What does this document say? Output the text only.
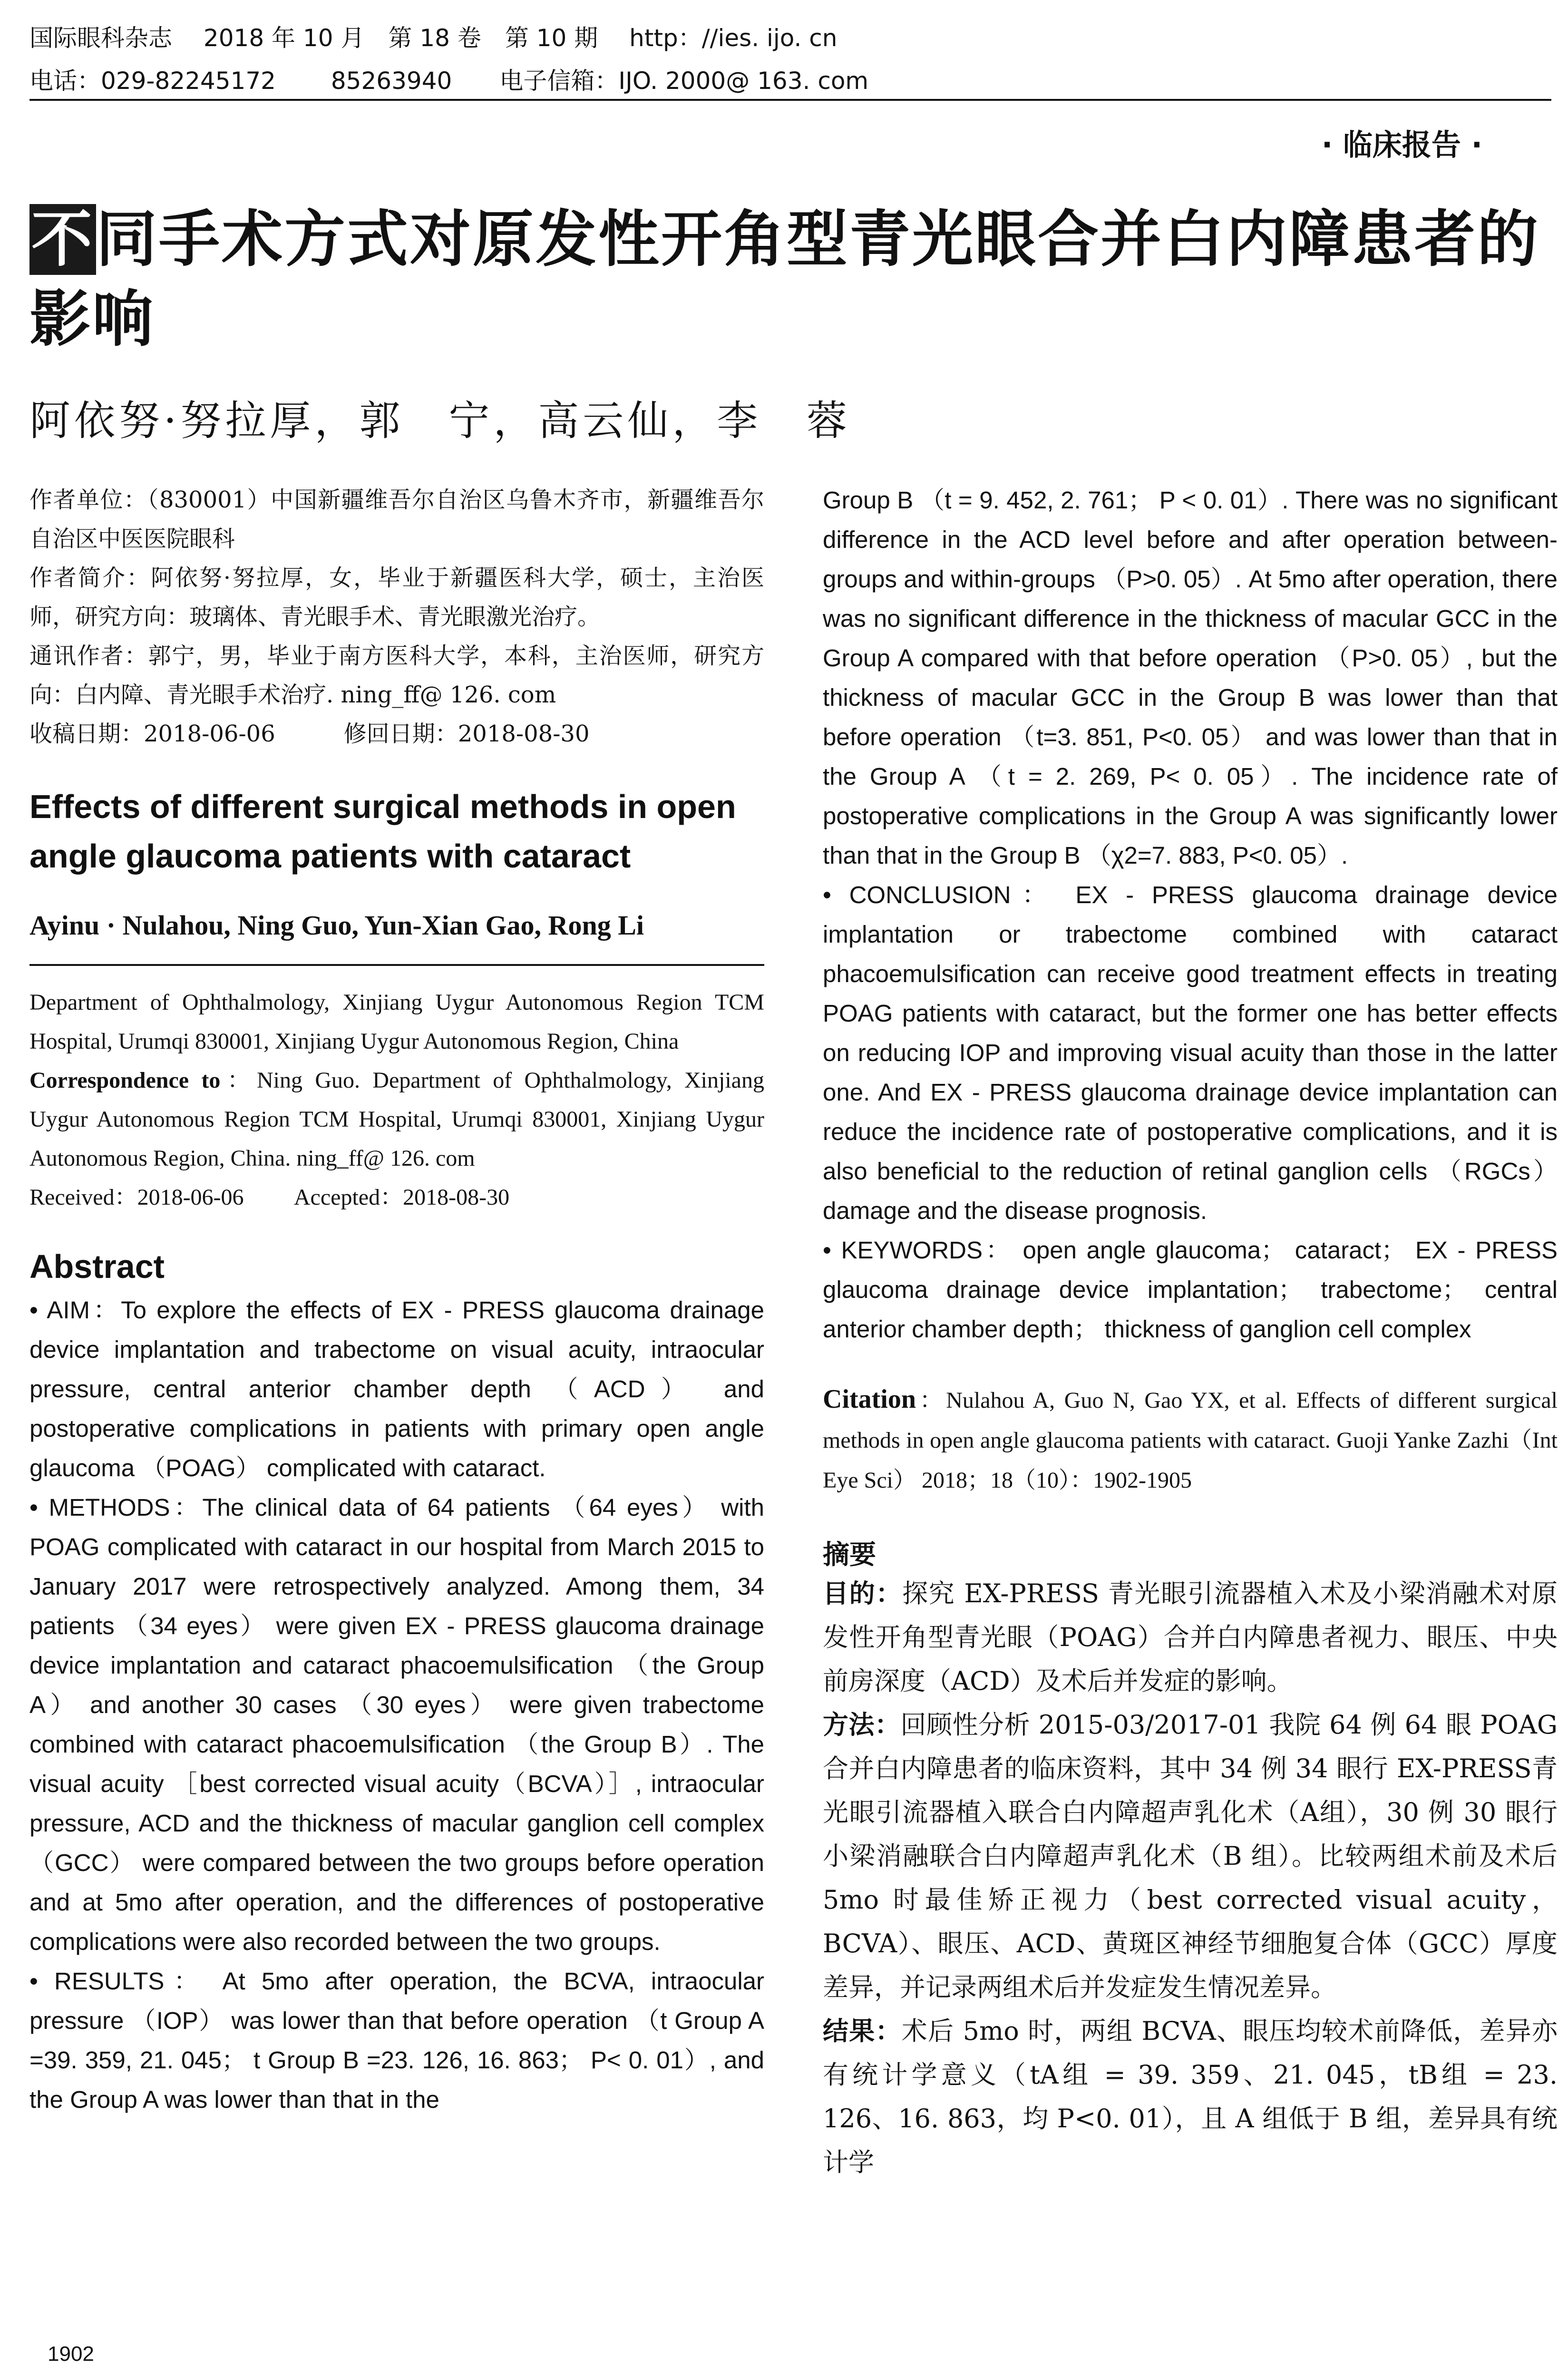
国际眼科杂志　 2018 年 10 月　第 18 卷　第 10 期　 http：//ies. ijo. cn
电话：029-82245172　　 85263940　　电子信箱：IJO. 2000@ 163. com
· 临床报告 ·
不同手术方式对原发性开角型青光眼合并白内障患者的影响
阿依努·努拉厚，郭　宁，高云仙，李　蓉
作者单位：（830001）中国新疆维吾尔自治区乌鲁木齐市，新疆维吾尔自治区中医医院眼科
作者简介：阿依努·努拉厚，女，毕业于新疆医科大学，硕士，主治医师，研究方向：玻璃体、青光眼手术、青光眼激光治疗。
通讯作者：郭宁，男，毕业于南方医科大学，本科，主治医师，研究方向：白内障、青光眼手术治疗. ning_ff@ 126. com
收稿日期：2018-06-06　　　修回日期：2018-08-30
Effects of different surgical methods in open angle glaucoma patients with cataract
Ayinu · Nulahou, Ning Guo, Yun-Xian Gao, Rong Li
Department of Ophthalmology, Xinjiang Uygur Autonomous Region TCM Hospital, Urumqi 830001, Xinjiang Uygur Autonomous Region, China
Correspondence to：Ning Guo. Department of Ophthalmology, Xinjiang Uygur Autonomous Region TCM Hospital, Urumqi 830001, Xinjiang Uygur Autonomous Region, China. ning_ff@ 126. com
Received：2018-06-06　　 Accepted：2018-08-30
Abstract
• AIM：To explore the effects of EX - PRESS glaucoma drainage device implantation and trabectome on visual acuity, intraocular pressure, central anterior chamber depth （ACD） and postoperative complications in patients with primary open angle glaucoma （POAG） complicated with cataract.
• METHODS：The clinical data of 64 patients （64 eyes） with POAG complicated with cataract in our hospital from March 2015 to January 2017 were retrospectively analyzed. Among them, 34 patients （34 eyes） were given EX - PRESS glaucoma drainage device implantation and cataract phacoemulsification （the Group A） and another 30 cases （30 eyes） were given trabectome combined with cataract phacoemulsification （the Group B）. The visual acuity ［best corrected visual acuity（BCVA）］, intraocular pressure, ACD and the thickness of macular ganglion cell complex （GCC） were compared between the two groups before operation and at 5mo after operation, and the differences of postoperative complications were also recorded between the two groups.
• RESULTS： At 5mo after operation, the BCVA, intraocular pressure （IOP） was lower than that before operation （t Group A =39. 359, 21. 045； t Group B =23. 126, 16. 863； P< 0. 01）, and the Group A was lower than that in the
Group B （t = 9. 452, 2. 761； P < 0. 01）. There was no significant difference in the ACD level before and after operation between-groups and within-groups （P>0. 05）. At 5mo after operation, there was no significant difference in the thickness of macular GCC in the Group A compared with that before operation （P>0. 05）, but the thickness of macular GCC in the Group B was lower than that before operation （t=3. 851, P<0. 05） and was lower than that in the Group A （t = 2. 269, P< 0. 05）. The incidence rate of postoperative complications in the Group A was significantly lower than that in the Group B （χ2=7. 883, P<0. 05）.
• CONCLUSION： EX - PRESS glaucoma drainage device implantation or trabectome combined with cataract phacoemulsification can receive good treatment effects in treating POAG patients with cataract, but the former one has better effects on reducing IOP and improving visual acuity than those in the latter one. And EX - PRESS glaucoma drainage device implantation can reduce the incidence rate of postoperative complications, and it is also beneficial to the reduction of retinal ganglion cells （RGCs） damage and the disease prognosis.
• KEYWORDS： open angle glaucoma； cataract； EX - PRESS glaucoma drainage device implantation； trabectome； central anterior chamber depth； thickness of ganglion cell complex
Citation：Nulahou A, Guo N, Gao YX, et al. Effects of different surgical methods in open angle glaucoma patients with cataract. Guoji Yanke Zazhi（Int Eye Sci） 2018；18（10）：1902-1905
摘要
目的：探究 EX-PRESS 青光眼引流器植入术及小梁消融术对原发性开角型青光眼（POAG）合并白内障患者视力、眼压、中央前房深度（ACD）及术后并发症的影响。
方法：回顾性分析 2015-03/2017-01 我院 64 例 64 眼 POAG 合并白内障患者的临床资料，其中 34 例 34 眼行 EX-PRESS青光眼引流器植入联合白内障超声乳化术（A组），30 例 30 眼行小梁消融联合白内障超声乳化术（B 组）。比较两组术前及术后 5mo 时最佳矫正视力（best corrected visual acuity，BCVA）、眼压、ACD、黄斑区神经节细胞复合体（GCC）厚度差异，并记录两组术后并发症发生情况差异。
结果：术后 5mo 时，两组 BCVA、眼压均较术前降低，差异亦有统计学意义（tA组 = 39. 359、21. 045，tB组 = 23. 126、16. 863，均 P<0. 01），且 A 组低于 B 组，差异具有统计学
1902
